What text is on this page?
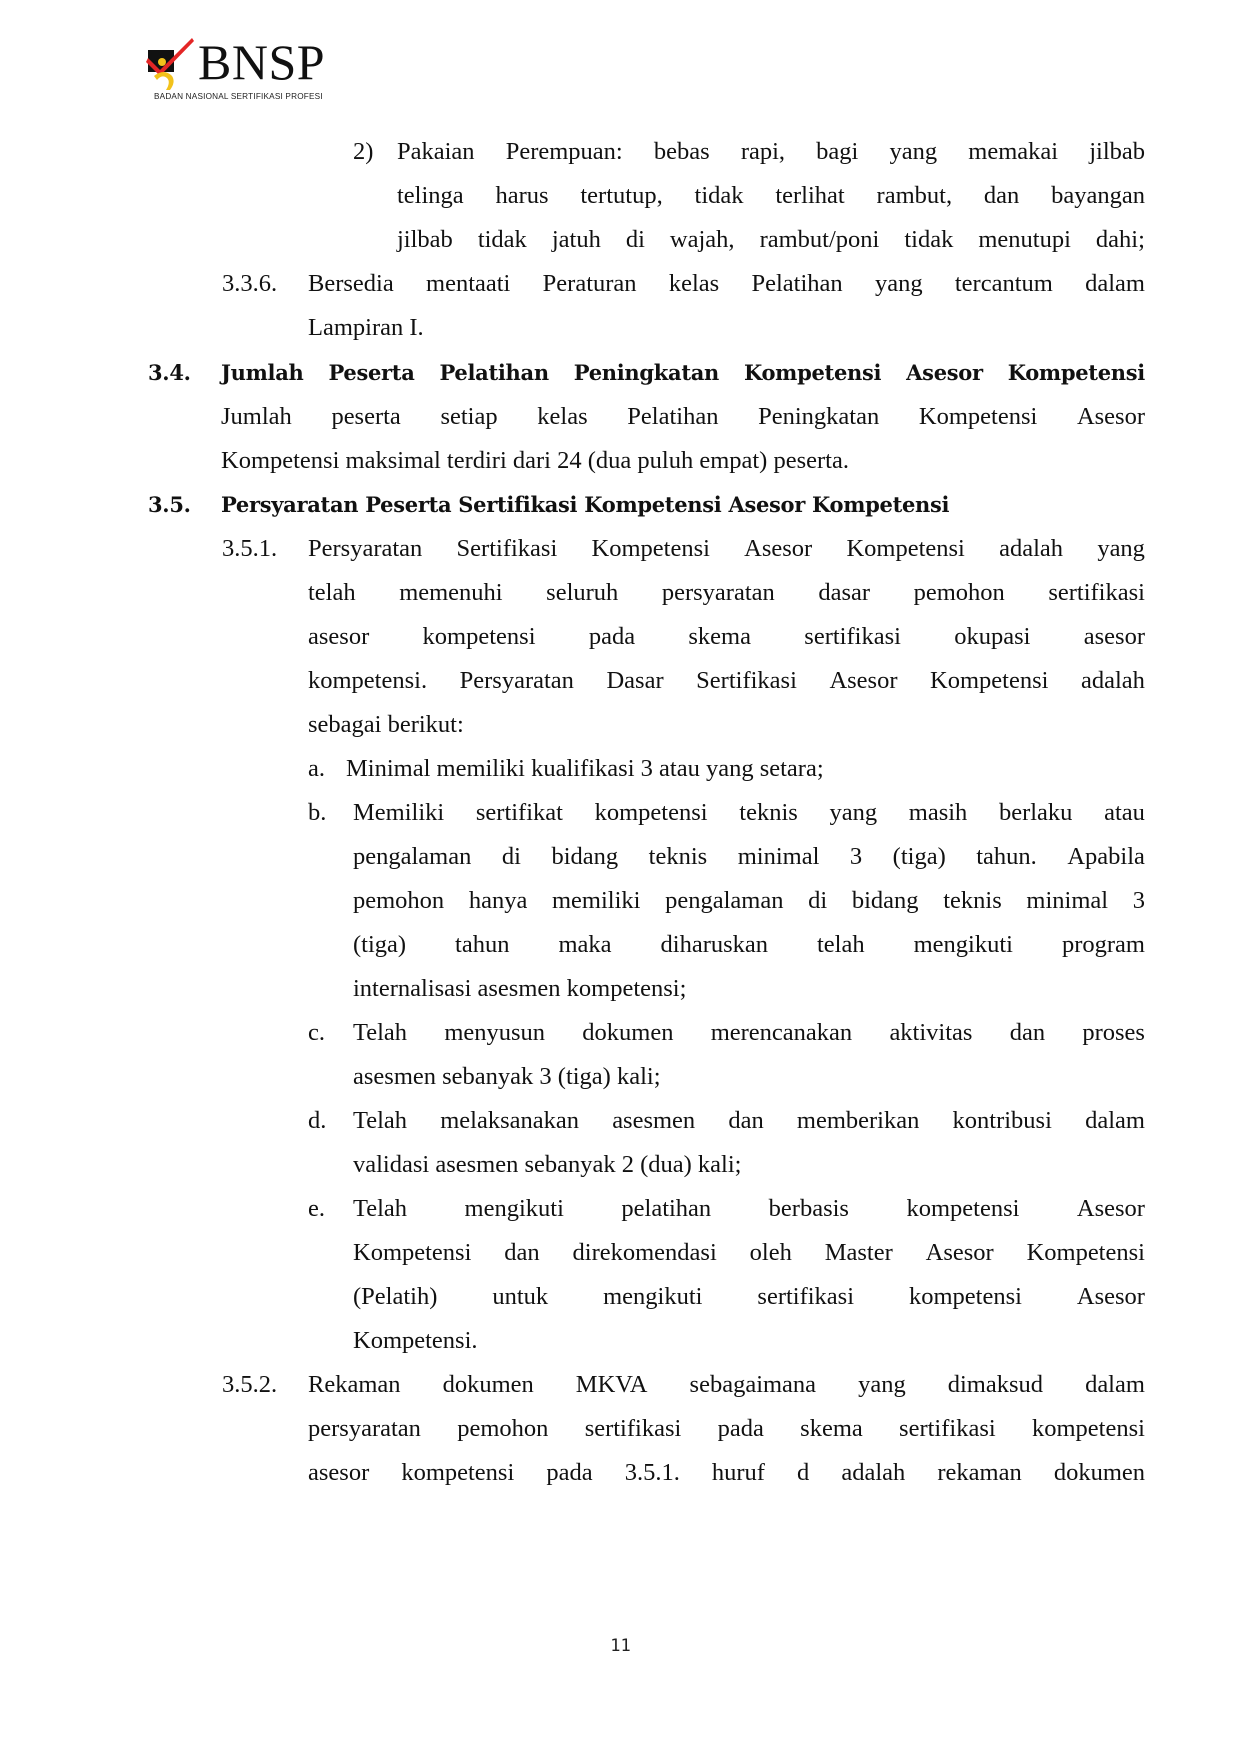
BNSP
BADAN NASIONAL SERTIFIKASI PROFESI
2) Pakaian Perempuan: bebas rapi, bagi yang memakai jilbab
telinga harus tertutup, tidak terlihat rambut, dan bayangan
jilbab tidak jatuh di wajah, rambut/poni tidak menutupi dahi;
3.3.6. Bersedia mentaati Peraturan kelas Pelatihan yang tercantum dalam
Lampiran I.
3.4. Jumlah Peserta Pelatihan Peningkatan Kompetensi Asesor Kompetensi
Jumlah peserta setiap kelas Pelatihan Peningkatan Kompetensi Asesor
Kompetensi maksimal terdiri dari 24 (dua puluh empat) peserta.
3.5. Persyaratan Peserta Sertifikasi Kompetensi Asesor Kompetensi
3.5.1. Persyaratan Sertifikasi Kompetensi Asesor Kompetensi adalah yang
telah memenuhi seluruh persyaratan dasar pemohon sertifikasi
asesor kompetensi pada skema sertifikasi okupasi asesor
kompetensi. Persyaratan Dasar Sertifikasi Asesor Kompetensi adalah
sebagai berikut:
a. Minimal memiliki kualifikasi 3 atau yang setara;
b. Memiliki sertifikat kompetensi teknis yang masih berlaku atau
pengalaman di bidang teknis minimal 3 (tiga) tahun. Apabila
pemohon hanya memiliki pengalaman di bidang teknis minimal 3
(tiga) tahun maka diharuskan telah mengikuti program
internalisasi asesmen kompetensi;
c. Telah menyusun dokumen merencanakan aktivitas dan proses
asesmen sebanyak 3 (tiga) kali;
d. Telah melaksanakan asesmen dan memberikan kontribusi dalam
validasi asesmen sebanyak 2 (dua) kali;
e. Telah mengikuti pelatihan berbasis kompetensi Asesor
Kompetensi dan direkomendasi oleh Master Asesor Kompetensi
(Pelatih) untuk mengikuti sertifikasi kompetensi Asesor
Kompetensi.
3.5.2. Rekaman dokumen MKVA sebagaimana yang dimaksud dalam
persyaratan pemohon sertifikasi pada skema sertifikasi kompetensi
asesor kompetensi pada 3.5.1. huruf d adalah rekaman dokumen
11
